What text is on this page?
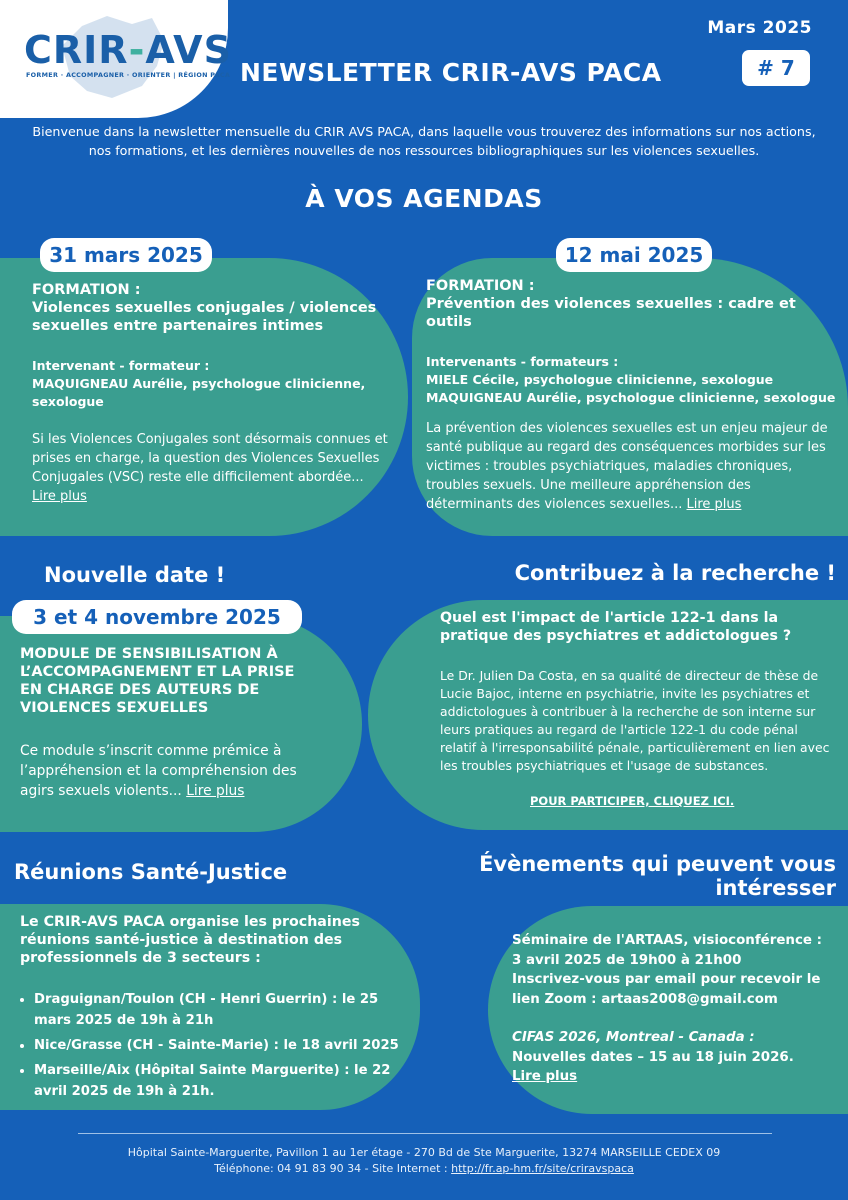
CRIR-AVS
FORMER · ACCOMPAGNER · ORIENTER | RÉGION PACA
Mars 2025
NEWSLETTER CRIR-AVS PACA	# 7
Bienvenue dans la newsletter mensuelle du CRIR AVS PACA, dans laquelle vous trouverez des informations sur nos actions, nos formations, et les dernières nouvelles de nos ressources bibliographiques sur les violences sexuelles.
À VOS AGENDAS
31 mars 2025	12 mai 2025
FORMATION :
Violences sexuelles conjugales / violences sexuelles entre partenaires intimes
Intervenant - formateur :
MAQUIGNEAU Aurélie, psychologue clinicienne, sexologue
Si les Violences Conjugales sont désormais connues et prises en charge, la question des Violences Sexuelles Conjugales (VSC) reste elle difficilement abordée...
Lire plus
FORMATION :
Prévention des violences sexuelles : cadre et outils
Intervenants - formateurs :
MIELE Cécile, psychologue clinicienne, sexologue
MAQUIGNEAU Aurélie, psychologue clinicienne, sexologue
La prévention des violences sexuelles est un enjeu majeur de santé publique au regard des conséquences morbides sur les victimes : troubles psychiatriques, maladies chroniques, troubles sexuels. Une meilleure appréhension des déterminants des violences sexuelles... Lire plus
Nouvelle date !
3 et 4 novembre 2025
MODULE DE SENSIBILISATION À L’ACCOMPAGNEMENT ET LA PRISE EN CHARGE DES AUTEURS DE VIOLENCES SEXUELLES
Ce module s’inscrit comme prémice à l’appréhension et la compréhension des agirs sexuels violents... Lire plus
Contribuez à la recherche !
Quel est l'impact de l'article 122-1 dans la pratique des psychiatres et addictologues ?
Le Dr. Julien Da Costa, en sa qualité de directeur de thèse de Lucie Bajoc, interne en psychiatrie, invite les psychiatres et addictologues à contribuer à la recherche de son interne sur leurs pratiques au regard de l'article 122-1 du code pénal relatif à l'irresponsabilité pénale, particulièrement en lien avec les troubles psychiatriques et l'usage de substances.
POUR PARTICIPER, CLIQUEZ ICI.
Réunions Santé-Justice
Le CRIR-AVS PACA organise les prochaines réunions santé-justice à destination des professionnels de 3 secteurs :
• Draguignan/Toulon (CH - Henri Guerrin) : le 25 mars 2025 de 19h à 21h
• Nice/Grasse (CH - Sainte-Marie) : le 18 avril 2025
• Marseille/Aix (Hôpital Sainte Marguerite) : le 22 avril 2025 de 19h à 21h.
Évènements qui peuvent vous
intéresser
Séminaire de l'ARTAAS, visioconférence :
3 avril 2025 de 19h00 à 21h00
Inscrivez-vous par email pour recevoir le lien Zoom : artaas2008@gmail.com
CIFAS 2026, Montreal - Canada :
Nouvelles dates – 15 au 18 juin 2026.
Lire plus
Hôpital Sainte-Marguerite, Pavillon 1 au 1er étage - 270 Bd de Ste Marguerite, 13274 MARSEILLE CEDEX 09
Téléphone: 04 91 83 90 34 - Site Internet : http://fr.ap-hm.fr/site/criravspaca
